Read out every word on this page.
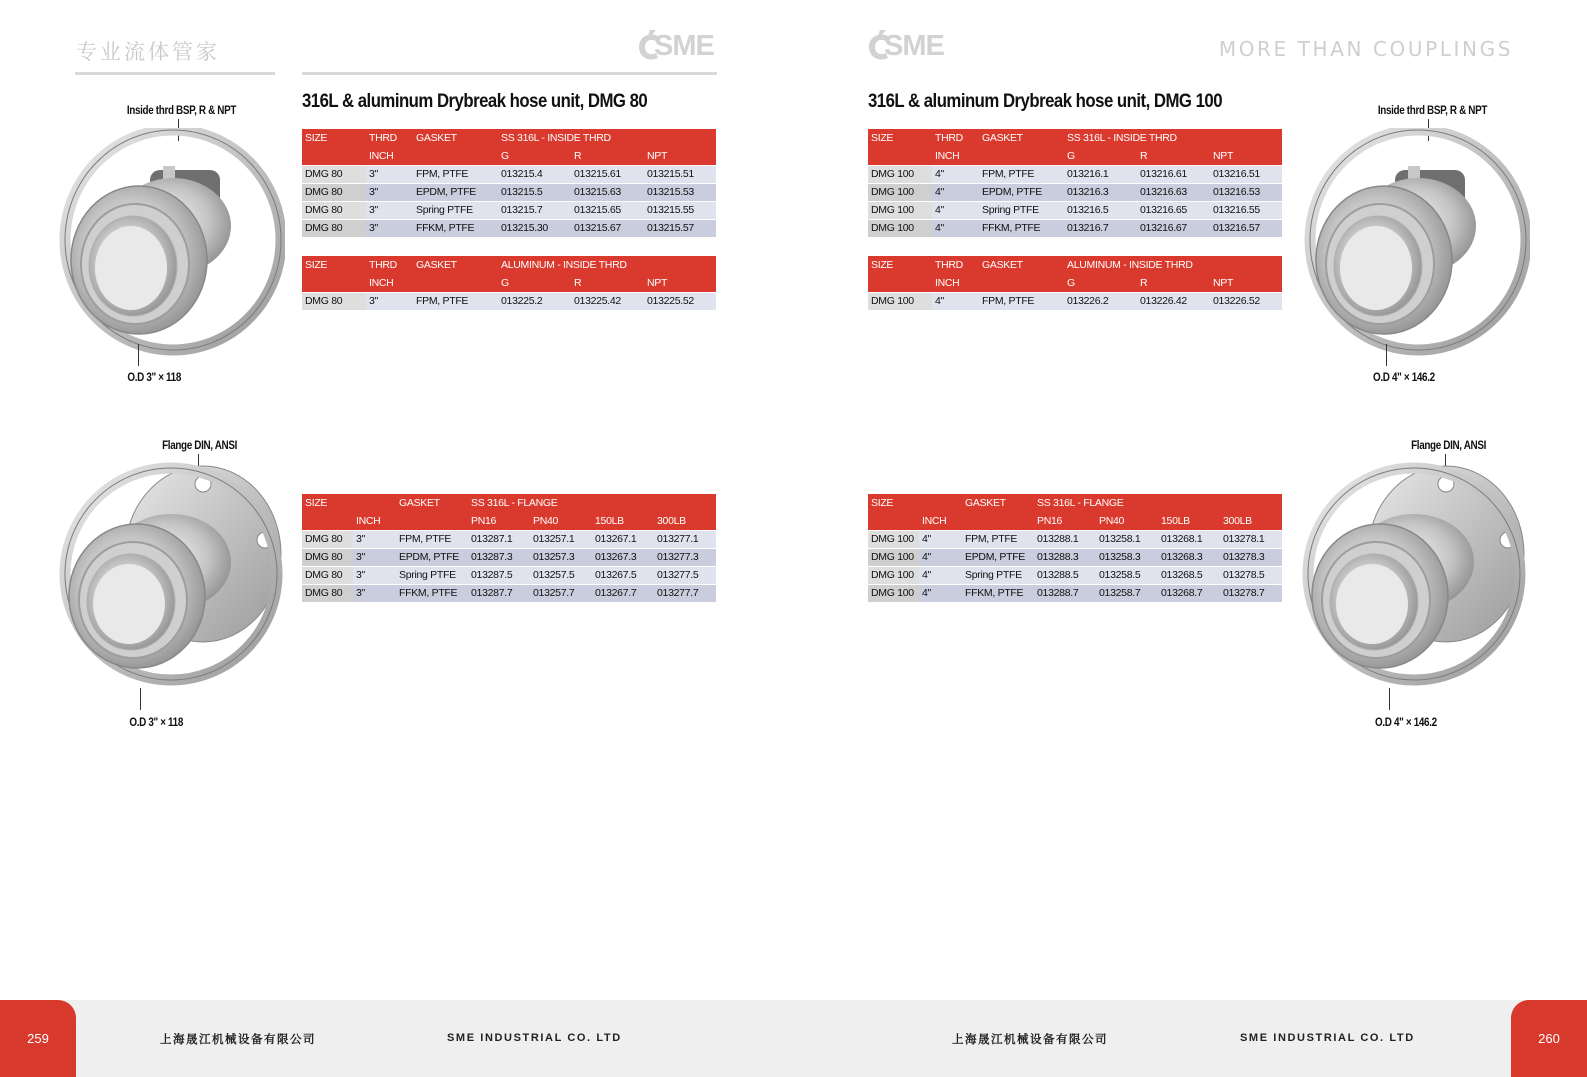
专业流体管家	SME	SME	MORE THAN COUPLINGS
316L & aluminum Drybreak hose unit, DMG 80
Inside thrd BSP, R & NPT
O.D 3" × 118
Flange DIN, ANSI
O.D 3" × 118
SIZE	THRD	GASKET	SS 316L - INSIDE THRD		
	INCH		G	R	NPT
DMG 80	3"	FPM, PTFE	013215.4	013215.61	013215.51
DMG 80	3"	EPDM, PTFE	013215.5	013215.63	013215.53
DMG 80	3"	Spring PTFE	013215.7	013215.65	013215.55
DMG 80	3"	FFKM, PTFE	013215.30	013215.67	013215.57
SIZE	THRD	GASKET	ALUMINUM - INSIDE THRD		
	INCH		G	R	NPT
DMG 80	3"	FPM, PTFE	013225.2	013225.42	013225.52
SIZE		GASKET	SS 316L - FLANGE			
	INCH		PN16	PN40	150LB	300LB
DMG 80	3"	FPM, PTFE	013287.1	013257.1	013267.1	013277.1
DMG 80	3"	EPDM, PTFE	013287.3	013257.3	013267.3	013277.3
DMG 80	3"	Spring PTFE	013287.5	013257.5	013267.5	013277.5
DMG 80	3"	FFKM, PTFE	013287.7	013257.7	013267.7	013277.7
316L & aluminum Drybreak hose unit, DMG 100
SIZE	THRD	GASKET	SS 316L - INSIDE THRD		
	INCH		G	R	NPT
DMG 100	4"	FPM, PTFE	013216.1	013216.61	013216.51
DMG 100	4"	EPDM, PTFE	013216.3	013216.63	013216.53
DMG 100	4"	Spring PTFE	013216.5	013216.65	013216.55
DMG 100	4"	FFKM, PTFE	013216.7	013216.67	013216.57
SIZE	THRD	GASKET	ALUMINUM - INSIDE THRD		
	INCH		G	R	NPT
DMG 100	4"	FPM, PTFE	013226.2	013226.42	013226.52
SIZE		GASKET	SS 316L - FLANGE			
	INCH		PN16	PN40	150LB	300LB
DMG 100	4"	FPM, PTFE	013288.1	013258.1	013268.1	013278.1
DMG 100	4"	EPDM, PTFE	013288.3	013258.3	013268.3	013278.3
DMG 100	4"	Spring PTFE	013288.5	013258.5	013268.5	013278.5
DMG 100	4"	FFKM, PTFE	013288.7	013258.7	013268.7	013278.7
Inside thrd BSP, R & NPT
O.D 4" × 146.2
Flange DIN, ANSI
O.D 4" × 146.2
259	260
上海晟江机械设备有限公司	SME INDUSTRIAL CO. LTD	上海晟江机械设备有限公司	SME INDUSTRIAL CO. LTD
